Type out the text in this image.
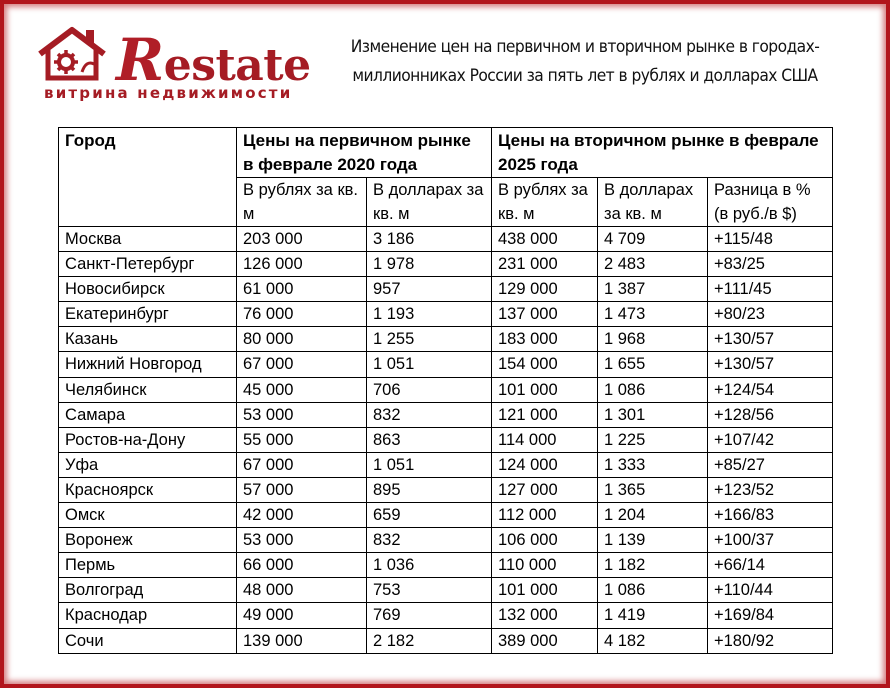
Restate
витрина недвижимости
Изменение цен на первичном и вторичном рынке в городах-
миллионниках России за пять лет в рублях и долларах США
Город	Цены на первичном рынке в феврале 2020 года		Цены на вторичном рынке в феврале 2025 года		
	В рублях за кв. м	В долларах за кв. м	В рублях за кв. м	В долларах за кв. м	Разница в % (в руб./в $)
Москва	203 000	3 186	438 000	4 709	+115/48
Санкт-Петербург	126 000	1 978	231 000	2 483	+83/25
Новосибирск	61 000	957	129 000	1 387	+111/45
Екатеринбург	76 000	1 193	137 000	1 473	+80/23
Казань	80 000	1 255	183 000	1 968	+130/57
Нижний Новгород	67 000	1 051	154 000	1 655	+130/57
Челябинск	45 000	706	101 000	1 086	+124/54
Самара	53 000	832	121 000	1 301	+128/56
Ростов-на-Дону	55 000	863	114 000	1 225	+107/42
Уфа	67 000	1 051	124 000	1 333	+85/27
Красноярск	57 000	895	127 000	1 365	+123/52
Омск	42 000	659	112 000	1 204	+166/83
Воронеж	53 000	832	106 000	1 139	+100/37
Пермь	66 000	1 036	110 000	1 182	+66/14
Волгоград	48 000	753	101 000	1 086	+110/44
Краснодар	49 000	769	132 000	1 419	+169/84
Сочи	139 000	2 182	389 000	4 182	+180/92
